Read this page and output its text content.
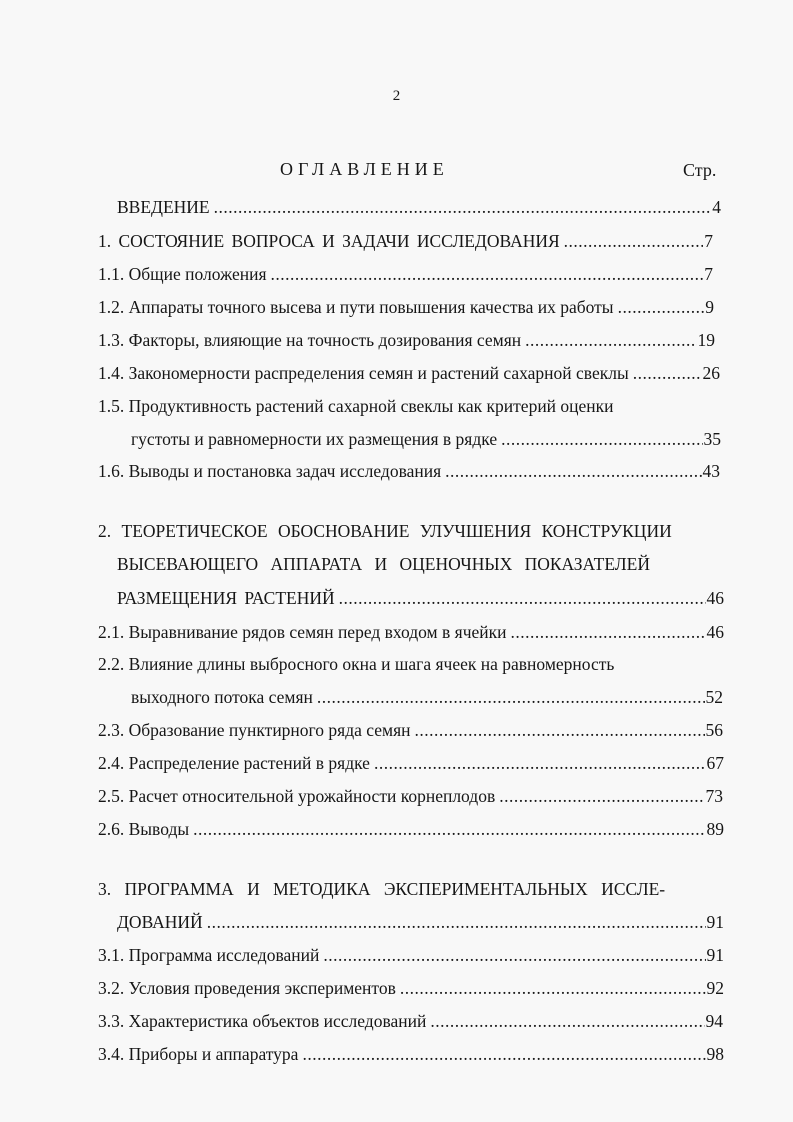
2
ОГЛАВЛЕНИЕ	Стр.
ВВЕДЕНИЕ .....	4
1. СОСТОЯНИЕ ВОПРОСА И ЗАДАЧИ ИССЛЕДОВАНИЯ .....	7
1.1. Общие положения .....	7
1.2. Аппараты точного высева и пути повышения качества их работы .....	9
1.3. Факторы, влияющие на точность дозирования семян .....	19
1.4. Закономерности распределения семян и растений сахарной свеклы .....	26
1.5. Продуктивность растений сахарной свеклы как критерий оценки
густоты и равномерности их размещения в рядке .....	35
1.6. Выводы и постановка задач исследования .....	43
2. ТЕОРЕТИЧЕСКОЕ ОБОСНОВАНИЕ УЛУЧШЕНИЯ КОНСТРУКЦИИ
ВЫСЕВАЮЩЕГО АППАРАТА И ОЦЕНОЧНЫХ ПОКАЗАТЕЛЕЙ
РАЗМЕЩЕНИЯ РАСТЕНИЙ .....	46
2.1. Выравнивание рядов семян перед входом в ячейки .....	46
2.2. Влияние длины выбросного окна и шага ячеек на равномерность
выходного потока семян .....	52
2.3. Образование пунктирного ряда семян .....	56
2.4. Распределение растений в рядке .....	67
2.5. Расчет относительной урожайности корнеплодов .....	73
2.6. Выводы .....	89
3. ПРОГРАММА И МЕТОДИКА ЭКСПЕРИМЕНТАЛЬНЫХ ИССЛЕ-
ДОВАНИЙ .....	91
3.1. Программа исследований .....	91
3.2. Условия проведения экспериментов .....	92
3.3. Характеристика объектов исследований .....	94
3.4. Приборы и аппаратура .....	98
